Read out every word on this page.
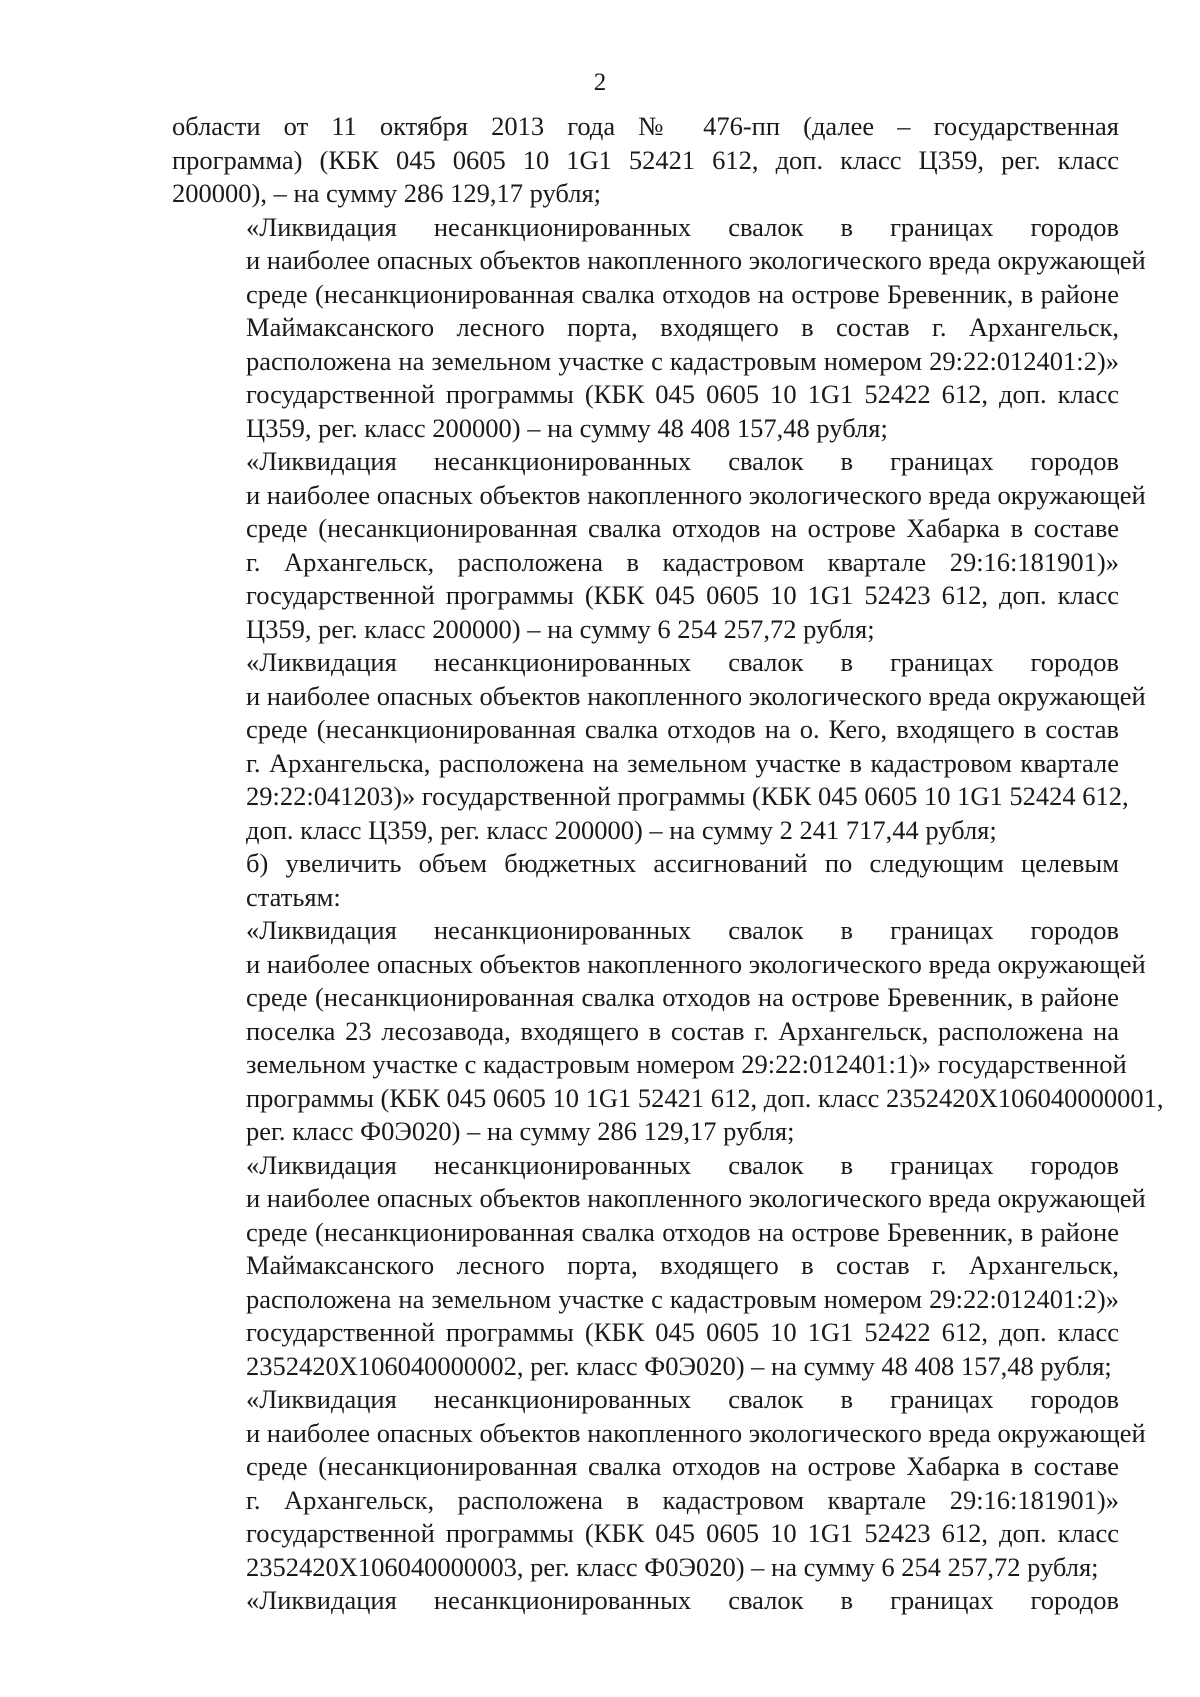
2

области от 11 октября 2013 года № 476-пп (далее – государственная
программа) (КБК 045 0605 10 1G1 52421 612, доп. класс Ц359, рег. класс
200000), – на сумму 286 129,17 рубля;

«Ликвидация несанкционированных свалок в границах городов
и наиболее опасных объектов накопленного экологического вреда окружающей
среде (несанкционированная свалка отходов на острове Бревенник, в районе
Маймаксанского лесного порта, входящего в состав г. Архангельск,
расположена на земельном участке с кадастровым номером 29:22:012401:2)»
государственной программы (КБК 045 0605 10 1G1 52422 612, доп. класс
Ц359, рег. класс 200000) – на сумму 48 408 157,48 рубля;

«Ликвидация несанкционированных свалок в границах городов
и наиболее опасных объектов накопленного экологического вреда окружающей
среде (несанкционированная свалка отходов на острове Хабарка в составе
г. Архангельск, расположена в кадастровом квартале 29:16:181901)»
государственной программы (КБК 045 0605 10 1G1 52423 612, доп. класс
Ц359, рег. класс 200000) – на сумму 6 254 257,72 рубля;

«Ликвидация несанкционированных свалок в границах городов
и наиболее опасных объектов накопленного экологического вреда окружающей
среде (несанкционированная свалка отходов на о. Кего, входящего в состав
г. Архангельска, расположена на земельном участке в кадастровом квартале
29:22:041203)» государственной программы (КБК 045 0605 10 1G1 52424 612,
доп. класс Ц359, рег. класс 200000) – на сумму 2 241 717,44 рубля;

б) увеличить объем бюджетных ассигнований по следующим целевым
статьям:

«Ликвидация несанкционированных свалок в границах городов
и наиболее опасных объектов накопленного экологического вреда окружающей
среде (несанкционированная свалка отходов на острове Бревенник, в районе
поселка 23 лесозавода, входящего в состав г. Архангельск, расположена на
земельном участке с кадастровым номером 29:22:012401:1)» государственной
программы (КБК 045 0605 10 1G1 52421 612, доп. класс 2352420Х106040000001,
рег. класс Ф0Э020) – на сумму 286 129,17 рубля;

«Ликвидация несанкционированных свалок в границах городов
и наиболее опасных объектов накопленного экологического вреда окружающей
среде (несанкционированная свалка отходов на острове Бревенник, в районе
Маймаксанского лесного порта, входящего в состав г. Архангельск,
расположена на земельном участке с кадастровым номером 29:22:012401:2)»
государственной программы (КБК 045 0605 10 1G1 52422 612, доп. класс
2352420Х106040000002, рег. класс Ф0Э020) – на сумму 48 408 157,48 рубля;

«Ликвидация несанкционированных свалок в границах городов
и наиболее опасных объектов накопленного экологического вреда окружающей
среде (несанкционированная свалка отходов на острове Хабарка в составе
г. Архангельск, расположена в кадастровом квартале 29:16:181901)»
государственной программы (КБК 045 0605 10 1G1 52423 612, доп. класс
2352420Х106040000003, рег. класс Ф0Э020) – на сумму 6 254 257,72 рубля;

«Ликвидация несанкционированных свалок в границах городов
